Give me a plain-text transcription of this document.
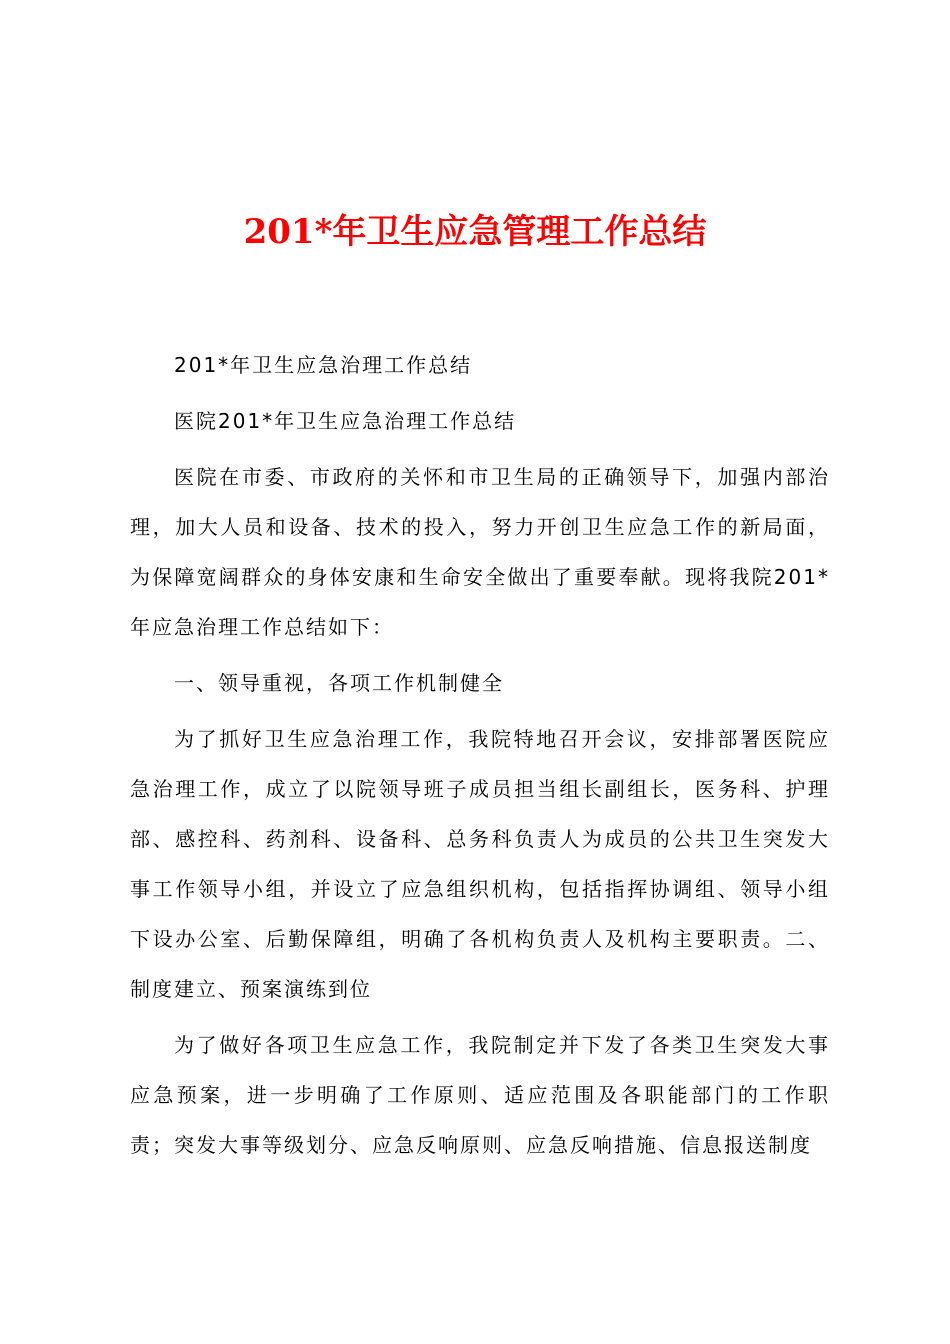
201*年卫生应急管理工作总结

201*年卫生应急治理工作总结

医院201*年卫生应急治理工作总结

医院在市委、市政府的关怀和市卫生局的正确领导下，加强内部治理，加大人员和设备、技术的投入，努力开创卫生应急工作的新局面，为保障宽阔群众的身体安康和生命安全做出了重要奉献。现将我院201*年应急治理工作总结如下：

一、领导重视，各项工作机制健全

为了抓好卫生应急治理工作，我院特地召开会议，安排部署医院应急治理工作，成立了以院领导班子成员担当组长副组长，医务科、护理部、感控科、药剂科、设备科、总务科负责人为成员的公共卫生突发大事工作领导小组，并设立了应急组织机构，包括指挥协调组、领导小组下设办公室、后勤保障组，明确了各机构负责人及机构主要职责。二、制度建立、预案演练到位

为了做好各项卫生应急工作，我院制定并下发了各类卫生突发大事应急预案，进一步明确了工作原则、适应范围及各职能部门的工作职责；突发大事等级划分、应急反响原则、应急反响措施、信息报送制度
